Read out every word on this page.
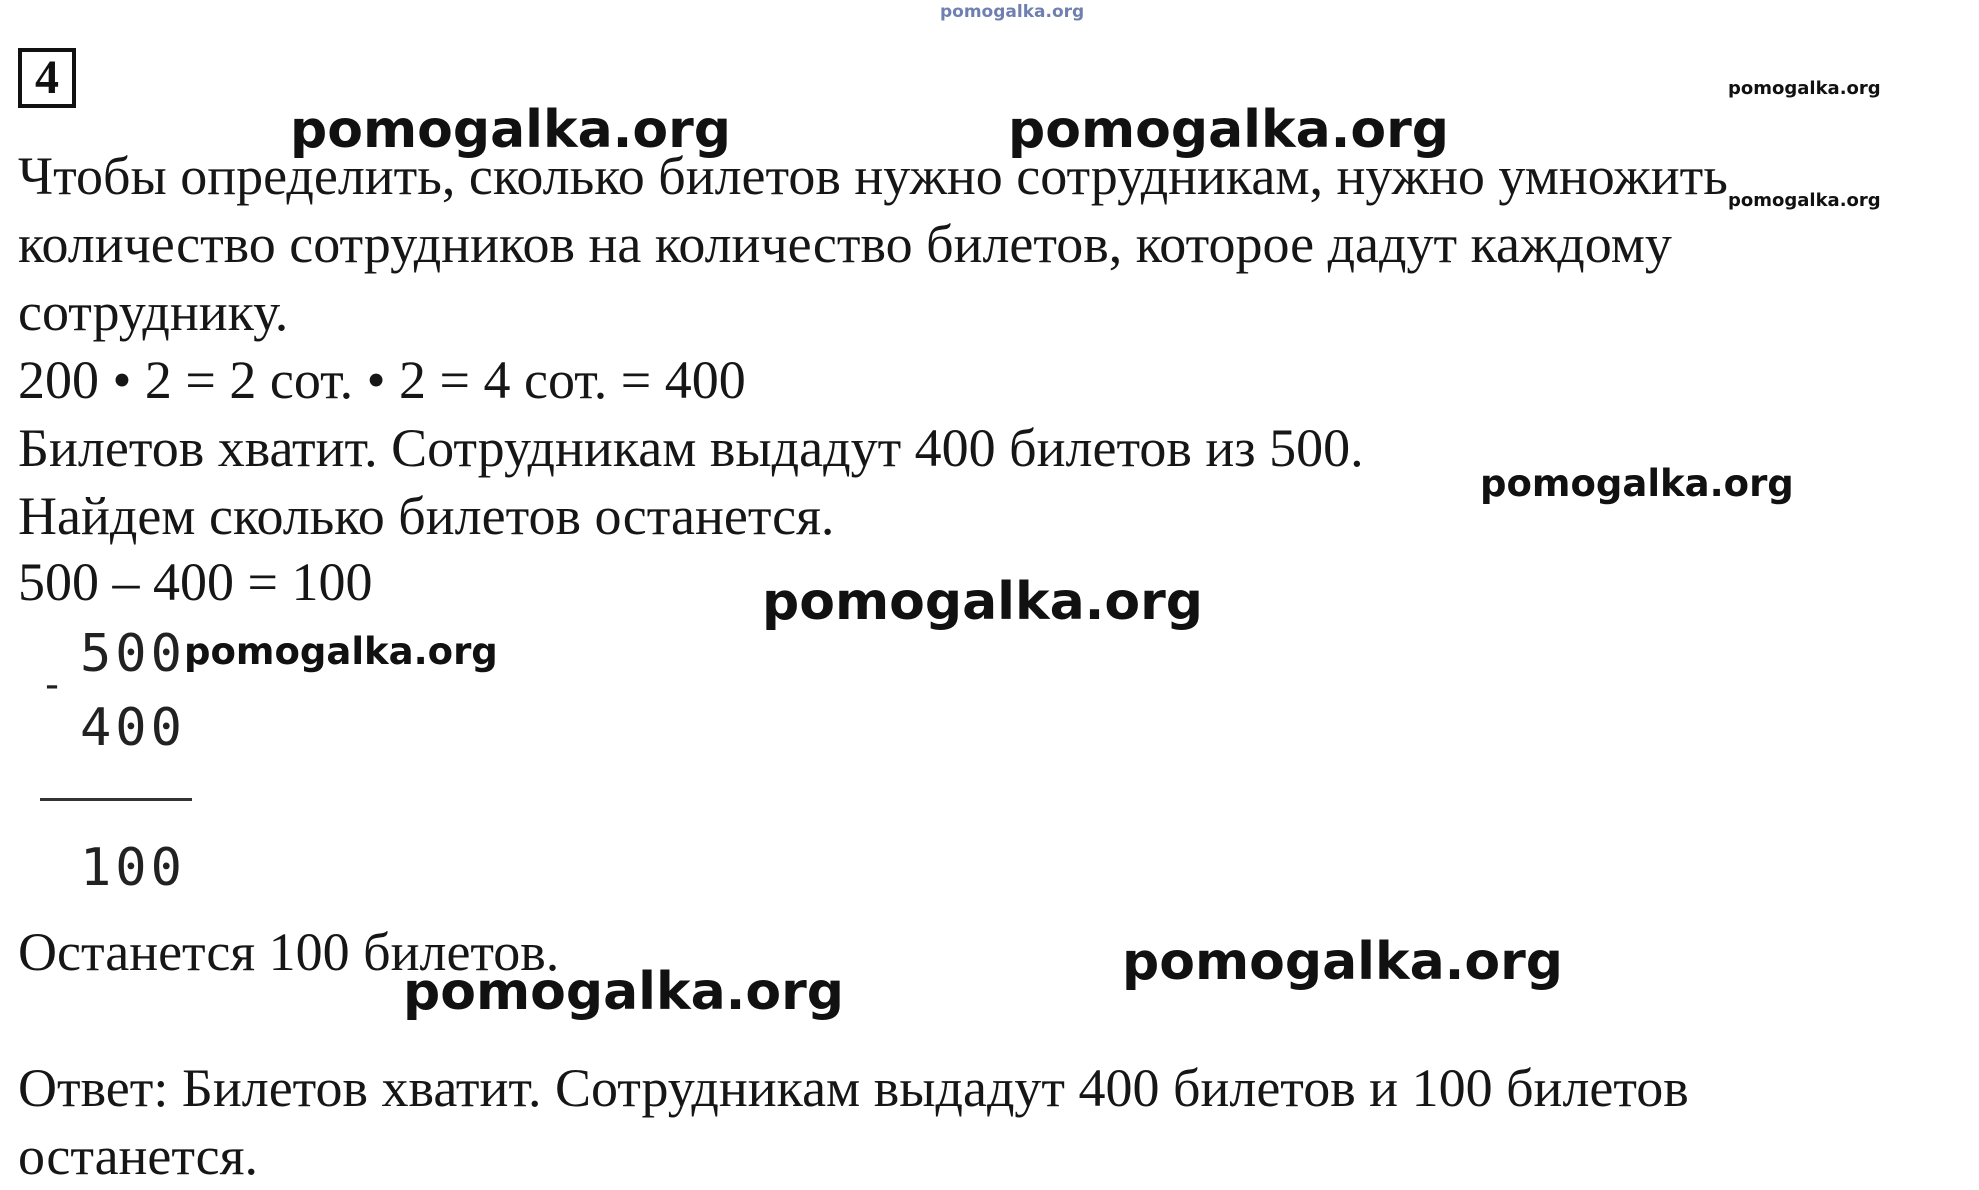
pomogalka.org
4	pomogalka.org
pomogalka.org	pomogalka.org
Чтобы определить, сколько билетов нужно сотрудникам, нужно умножить pomogalka.org
количество сотрудников на количество билетов, которое дадут каждому
сотруднику.
200 • 2 = 2 сот. • 2 = 4 сот. = 400
Билетов хватит. Сотрудникам выдадут 400 билетов из 500.
pomogalka.org
Найдем сколько билетов останется.
500 – 400 = 100	pomogalka.org
500
pomogalka.org
-
400
100
Останется 100 билетов.	pomogalka.org
pomogalka.org
Ответ: Билетов хватит. Сотрудникам выдадут 400 билетов и 100 билетов
останется.
